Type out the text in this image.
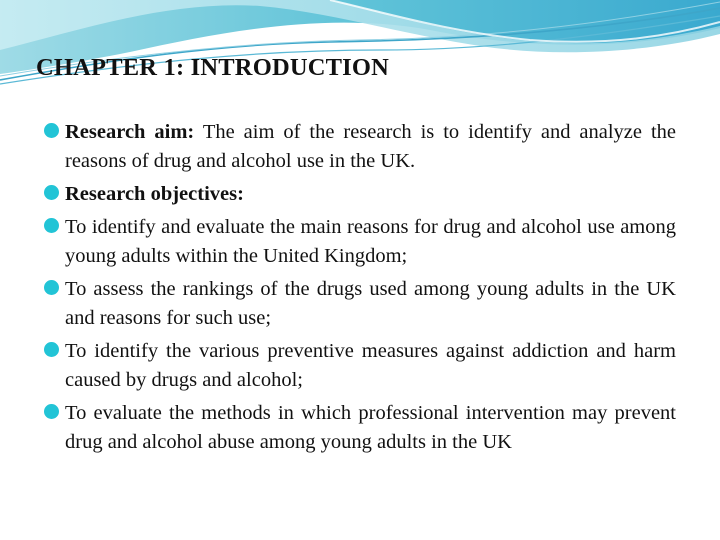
CHAPTER 1: INTRODUCTION
Research aim: The aim of the research is to identify and analyze the reasons of drug and alcohol use in the UK.
Research objectives:
To identify and evaluate the main reasons for drug and alcohol use among young adults within the United Kingdom;
To assess the rankings of the drugs used among young adults in the UK and reasons for such use;
To identify the various preventive measures against addiction and harm caused by drugs and alcohol;
To evaluate the methods in which professional intervention may prevent drug and alcohol abuse among young adults in the UK
